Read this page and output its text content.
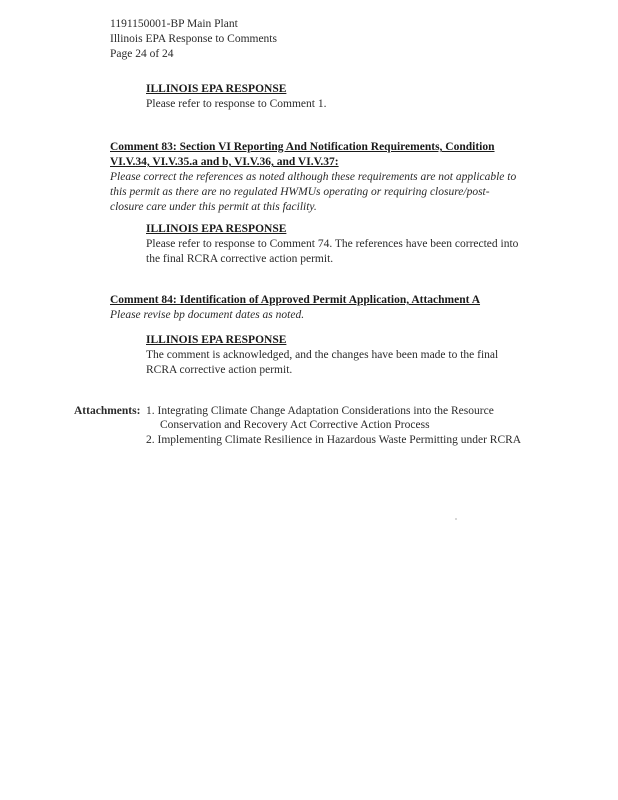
1191150001-BP Main Plant
Illinois EPA Response to Comments
Page 24 of 24
ILLINOIS EPA RESPONSE
Please refer to response to Comment 1.
Comment 83: Section VI Reporting And Notification Requirements, Condition
VI.V.34, VI.V.35.a and b, VI.V.36, and VI.V.37:
Please correct the references as noted although these requirements are not applicable to
this permit as there are no regulated HWMUs operating or requiring closure/post-
closure care under this permit at this facility.
ILLINOIS EPA RESPONSE
Please refer to response to Comment 74. The references have been corrected into
the final RCRA corrective action permit.
Comment 84: Identification of Approved Permit Application, Attachment A
Please revise bp document dates as noted.
ILLINOIS EPA RESPONSE
The comment is acknowledged, and the changes have been made to the final
RCRA corrective action permit.
Attachments: 1. Integrating Climate Change Adaptation Considerations into the Resource
Conservation and Recovery Act Corrective Action Process
2. Implementing Climate Resilience in Hazardous Waste Permitting under RCRA
